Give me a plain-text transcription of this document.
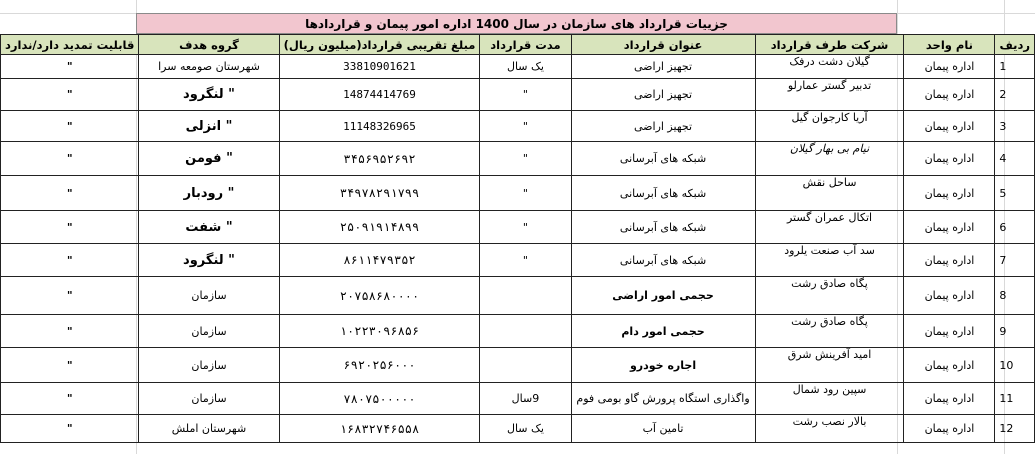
جزییات قرارداد های سازمان در سال 1400 اداره امور پیمان و قراردادها
قابلیت تمدید دارد/ندارد	گروه هدف	مبلغ تقریبی قرارداد(میلیون ریال)	مدت قرارداد	عنوان قرارداد	شرکت طرف قرارداد	نام واحد	ردیف
"	شهرستان صومعه سرا	33810901621	یک سال	تجهیز اراضی	گیلان دشت درفک	اداره پیمان	1
"	" لنگرود	14874414769	"	تجهیز اراضی	تدبیر گستر عمارلو	اداره پیمان	2
"	" انزلی	11148326965	"	تجهیز اراضی	آریا کارجوان گیل	اداره پیمان	3
"	" فومن	۳۴۵۶۹۵۲۶۹۲	"	شبکه های آبرسانی	نیام بی بهار گیلان	اداره پیمان	4
"	" رودبار	۳۴۹۷۸۲۹۱۷۹۹	"	شبکه های آبرسانی	ساحل نقش	اداره پیمان	5
"	" شفت	۲۵۰۹۱۹۱۴۸۹۹	"	شبکه های آبرسانی	اتکال عمران گستر	اداره پیمان	6
"	" لنگرود	۸۶۱۱۴۷۹۳۵۲	"	شبکه های آبرسانی	سد آب صنعت یلرود	اداره پیمان	7
"	سازمان	۲۰۷۵۸۶۸۰۰۰۰		حجمی امور اراضی	پگاه صادق رشت	اداره پیمان	8
"	سازمان	۱۰۲۲۳۰۹۶۸۵۶		حجمی امور دام	پگاه صادق رشت	اداره پیمان	9
"	سازمان	۶۹۲۰۲۵۶۰۰۰		اجاره خودرو	امید آفرینش شرق	اداره پیمان	10
"	سازمان	۷۸۰۷۵۰۰۰۰۰	9سال	واگذاری استگاه پرورش گاو بومی فوم	سپین رود شمال	اداره پیمان	11
"	شهرستان املش	۱۶۸۳۲۷۴۶۵۵۸	یک سال	تامین آب	بالار نصب رشت	اداره پیمان	12
